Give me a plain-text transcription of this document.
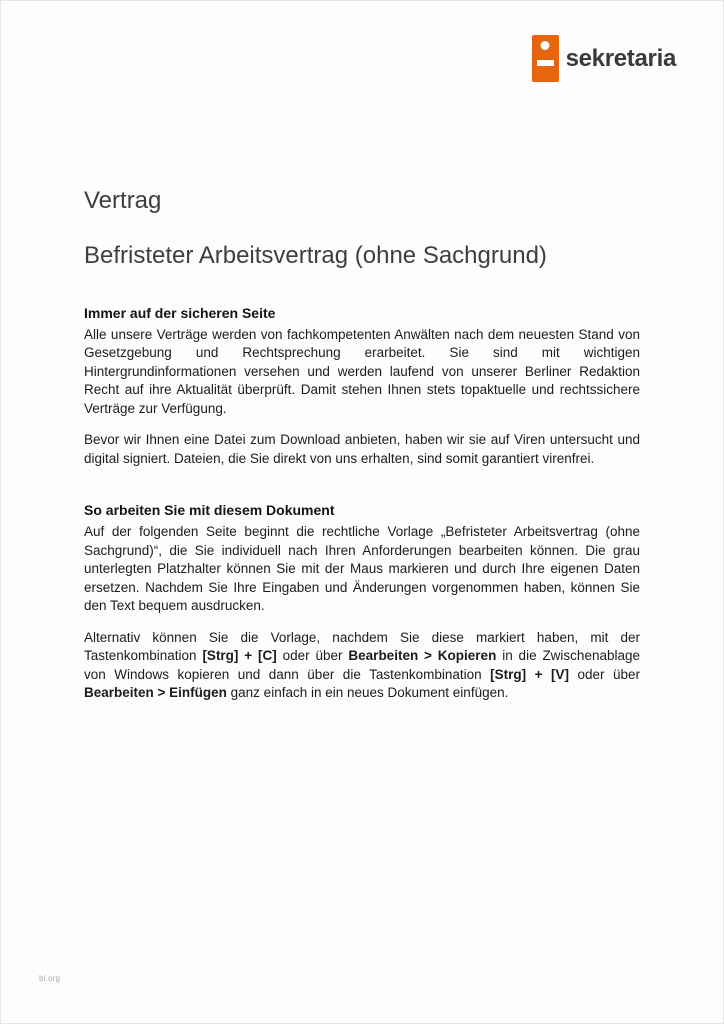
sekretaria
Vertrag
Befristeter Arbeitsvertrag (ohne Sachgrund)
Immer auf der sicheren Seite

Alle unsere Verträge werden von fachkompetenten Anwälten nach dem neuesten Stand von Gesetzgebung und Rechtsprechung erarbeitet. Sie sind mit wichtigen Hintergrundinformationen versehen und werden laufend von unserer Berliner Redaktion Recht auf ihre Aktualität überprüft. Damit stehen Ihnen stets topaktuelle und rechtssichere Verträge zur Verfügung.

Bevor wir Ihnen eine Datei zum Download anbieten, haben wir sie auf Viren untersucht und digital signiert. Dateien, die Sie direkt von uns erhalten, sind somit garantiert virenfrei.

So arbeiten Sie mit diesem Dokument

Auf der folgenden Seite beginnt die rechtliche Vorlage „Befristeter Arbeitsvertrag (ohne Sachgrund)“, die Sie individuell nach Ihren Anforderungen bearbeiten können. Die grau unterlegten Platzhalter können Sie mit der Maus markieren und durch Ihre eigenen Daten ersetzen. Nachdem Sie Ihre Eingaben und Änderungen vorgenommen haben, können Sie den Text bequem ausdrucken.

Alternativ können Sie die Vorlage, nachdem Sie diese markiert haben, mit der Tastenkombination [Strg] + [C] oder über Bearbeiten > Kopieren in die Zwischenablage von Windows kopieren und dann über die Tastenkombination [Strg] + [V] oder über Bearbeiten > Einfügen ganz einfach in ein neues Dokument einfügen.

bl.org
